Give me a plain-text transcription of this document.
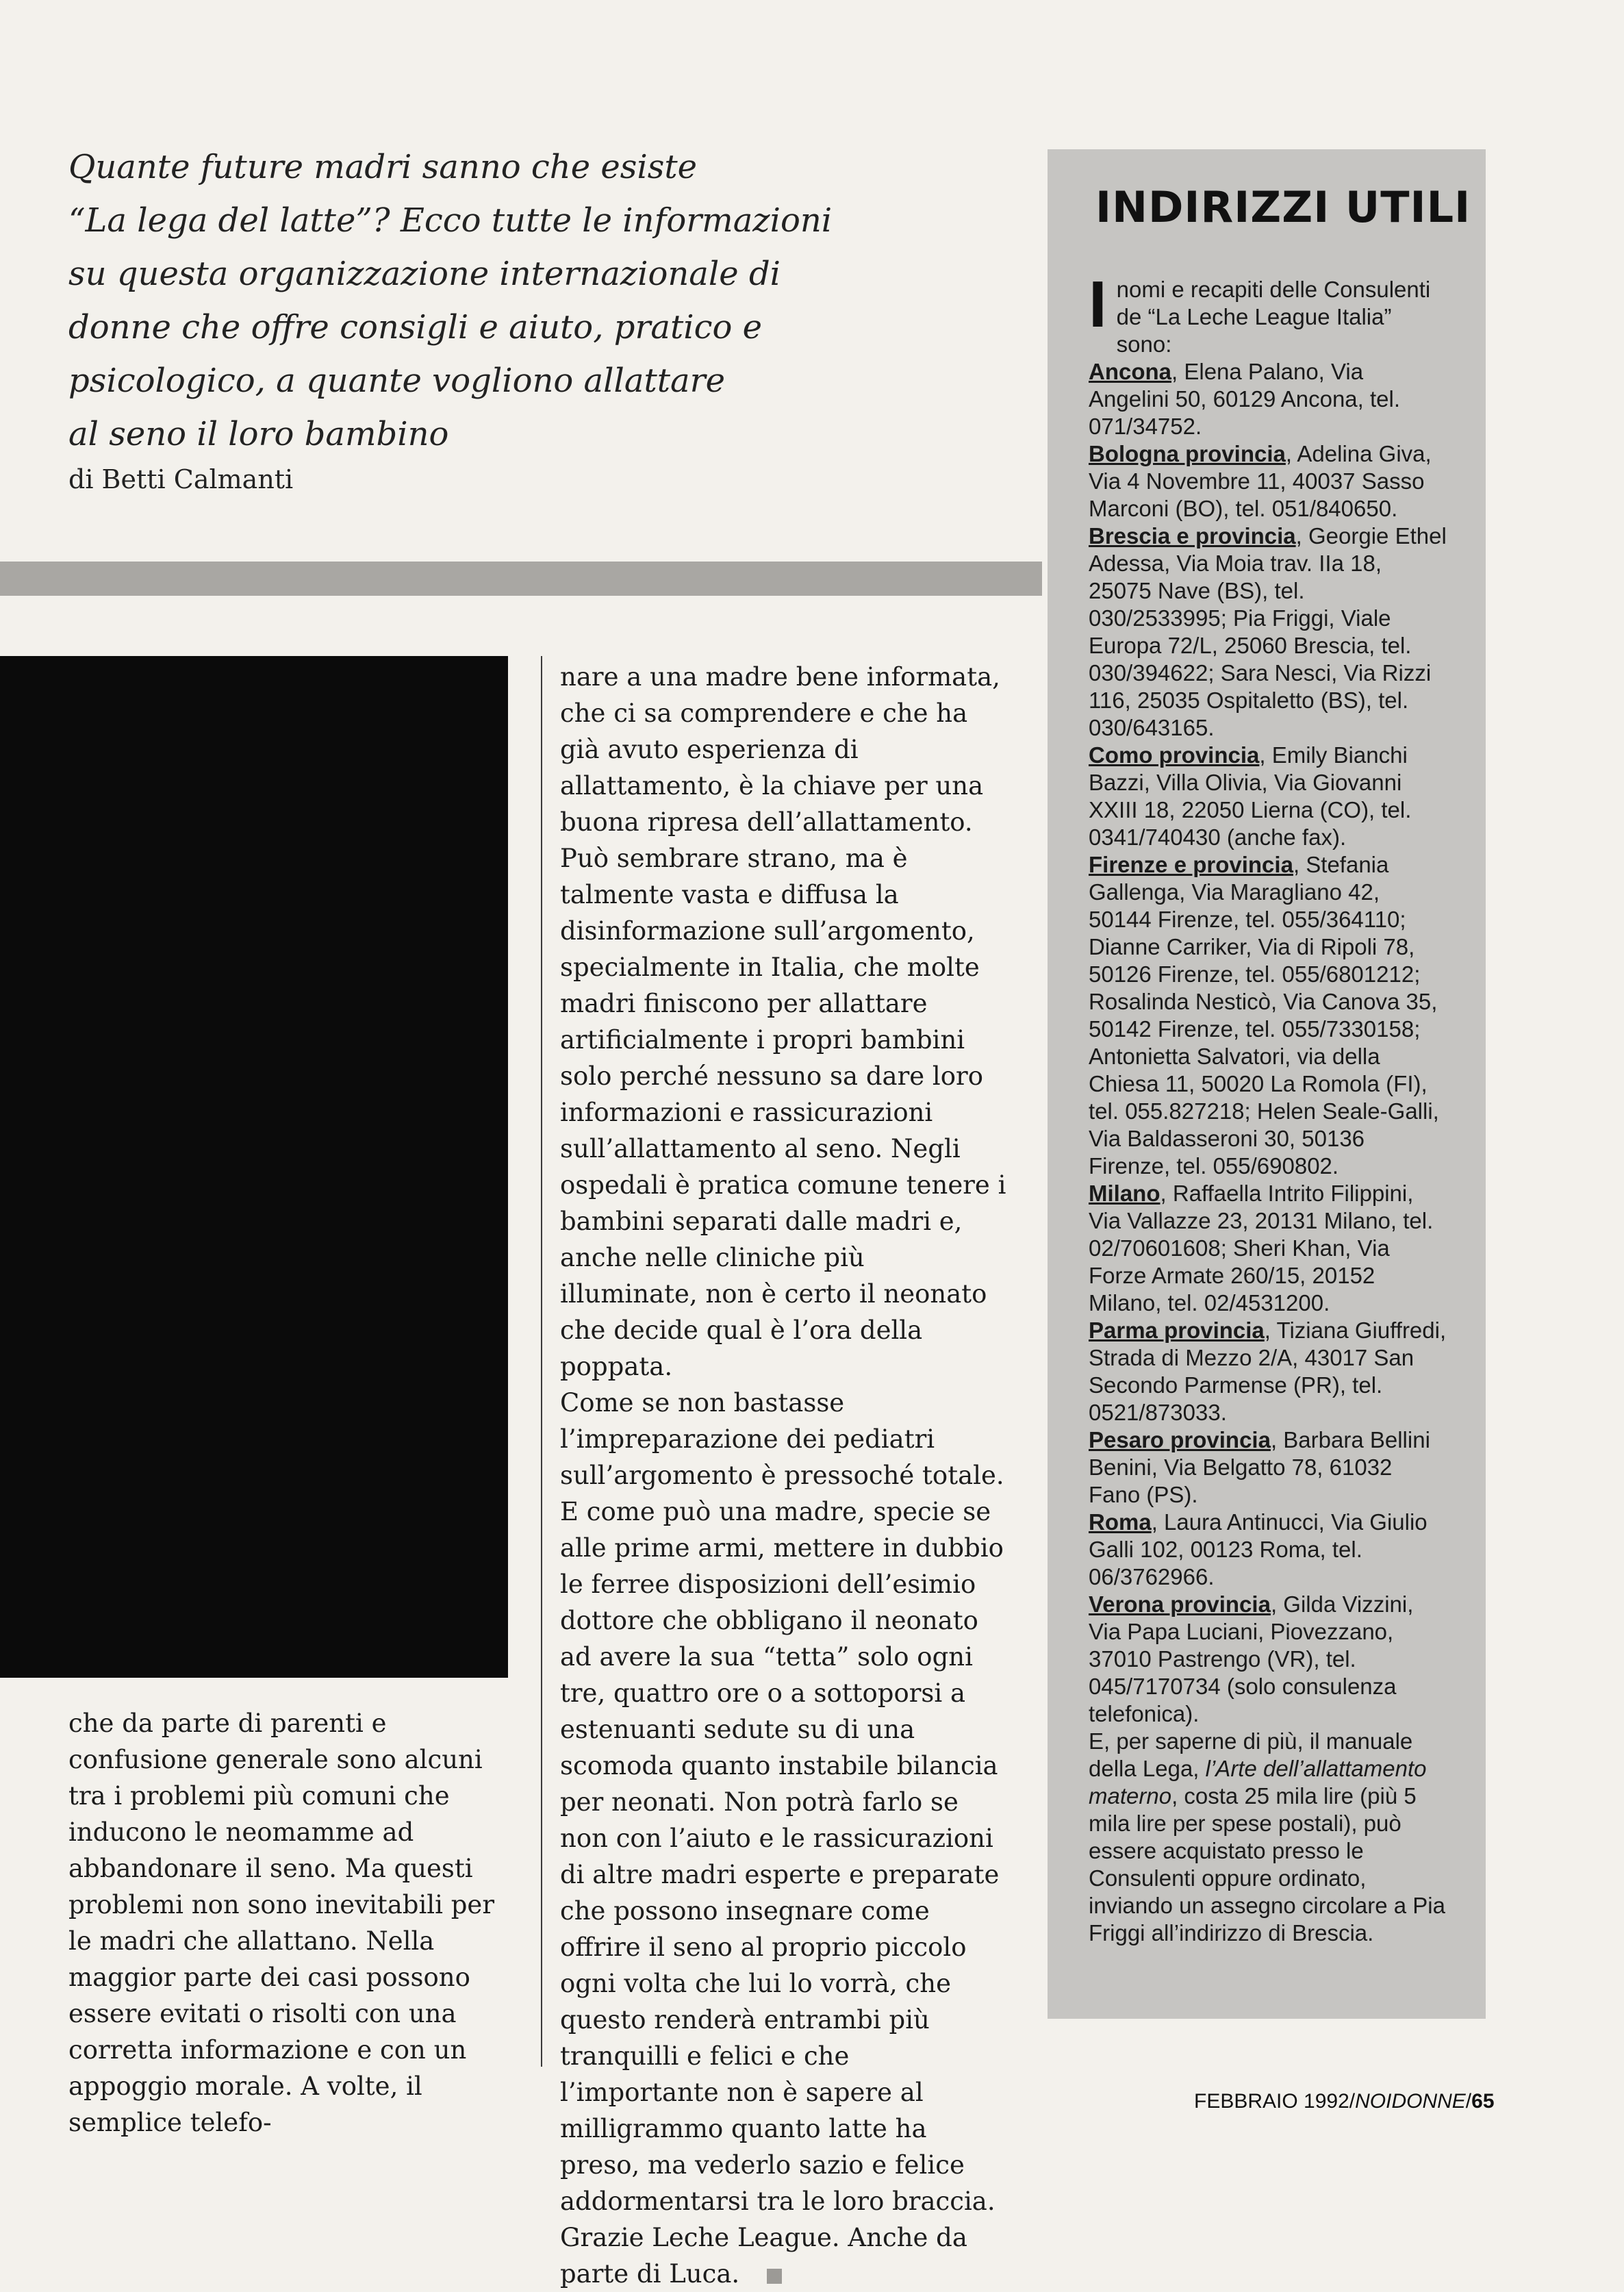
Quante future madri sanno che esiste
“La lega del latte”? Ecco tutte le informazioni
su questa organizzazione internazionale di
donne che offre consigli e aiuto, pratico e
psicologico, a quante vogliono allattare
al seno il loro bambino
di Betti Calmanti

che da parte di parenti e confusione generale sono alcuni tra i problemi più comuni che inducono le neomamme ad abbandonare il seno. Ma questi problemi non sono inevitabili per le madri che allattano. Nella maggior parte dei casi possono essere evitati o risolti con una corretta informazione e con un appoggio morale. A volte, il semplice telefo-

nare a una madre bene informata, che ci sa comprendere e che ha già avuto esperienza di allattamento, è la chiave per una buona ripresa dell’allattamento.

Può sembrare strano, ma è talmente vasta e diffusa la disinformazione sull’argomento, specialmente in Italia, che molte madri finiscono per allattare artificialmente i propri bambini solo perché nessuno sa dare loro informazioni e rassicurazioni sull’allattamento al seno. Negli ospedali è pratica comune tenere i bambini separati dalle madri e, anche nelle cliniche più illuminate, non è certo il neonato che decide qual è l’ora della poppata.

Come se non bastasse l’impreparazione dei pediatri sull’argomento è pressoché totale. E come può una madre, specie se alle prime armi, mettere in dubbio le ferree disposizioni dell’esimio dottore che obbligano il neonato ad avere la sua “tetta” solo ogni tre, quattro ore o a sottoporsi a estenuanti sedute su di una scomoda quanto instabile bilancia per neonati. Non potrà farlo se non con l’aiuto e le rassicurazioni di altre madri esperte e preparate che possono insegnare come offrire il seno al proprio piccolo ogni volta che lui lo vorrà, che questo renderà entrambi più tranquilli e felici e che l’importante non è sapere al milligrammo quanto latte ha preso, ma vederlo sazio e felice addormentarsi tra le loro braccia.

Grazie Leche League. Anche da parte di Luca.

INDIRIZZI UTILI

Inomi e recapiti delle Consulenti de “La Leche League Italia” sono:

Ancona, Elena Palano, Via Angelini 50, 60129 Ancona, tel. 071/34752.

Bologna provincia, Adelina Giva, Via 4 Novembre 11, 40037 Sasso Marconi (BO), tel. 051/840650.

Brescia e provincia, Georgie Ethel Adessa, Via Moia trav. IIa 18, 25075 Nave (BS), tel. 030/2533995; Pia Friggi, Viale Europa 72/L, 25060 Brescia, tel. 030/394622; Sara Nesci, Via Rizzi 116, 25035 Ospitaletto (BS), tel. 030/643165.

Como provincia, Emily Bianchi Bazzi, Villa Olivia, Via Giovanni XXIII 18, 22050 Lierna (CO), tel. 0341/740430 (anche fax).

Firenze e provincia, Stefania Gallenga, Via Maragliano 42, 50144 Firenze, tel. 055/364110; Dianne Carriker, Via di Ripoli 78, 50126 Firenze, tel. 055/6801212; Rosalinda Nesticò, Via Canova 35, 50142 Firenze, tel. 055/7330158; Antonietta Salvatori, via della Chiesa 11, 50020 La Romola (FI), tel. 055.827218; Helen Seale-Galli, Via Baldasseroni 30, 50136 Firenze, tel. 055/690802.

Milano, Raffaella Intrito Filippini, Via Vallazze 23, 20131 Milano, tel. 02/70601608; Sheri Khan, Via Forze Armate 260/15, 20152 Milano, tel. 02/4531200.

Parma provincia, Tiziana Giuffredi, Strada di Mezzo 2/A, 43017 San Secondo Parmense (PR), tel. 0521/873033.

Pesaro provincia, Barbara Bellini Benini, Via Belgatto 78, 61032 Fano (PS).

Roma, Laura Antinucci, Via Giulio Galli 102, 00123 Roma, tel. 06/3762966.

Verona provincia, Gilda Vizzini, Via Papa Luciani, Piovezzano, 37010 Pastrengo (VR), tel. 045/7170734 (solo consulenza telefonica).

E, per saperne di più, il manuale della Lega, l’Arte dell’allattamento materno, costa 25 mila lire (più 5 mila lire per spese postali), può essere acquistato presso le Consulenti oppure ordinato, inviando un assegno circolare a Pia Friggi all’indirizzo di Brescia.

FEBBRAIO 1992/NOIDONNE/65
